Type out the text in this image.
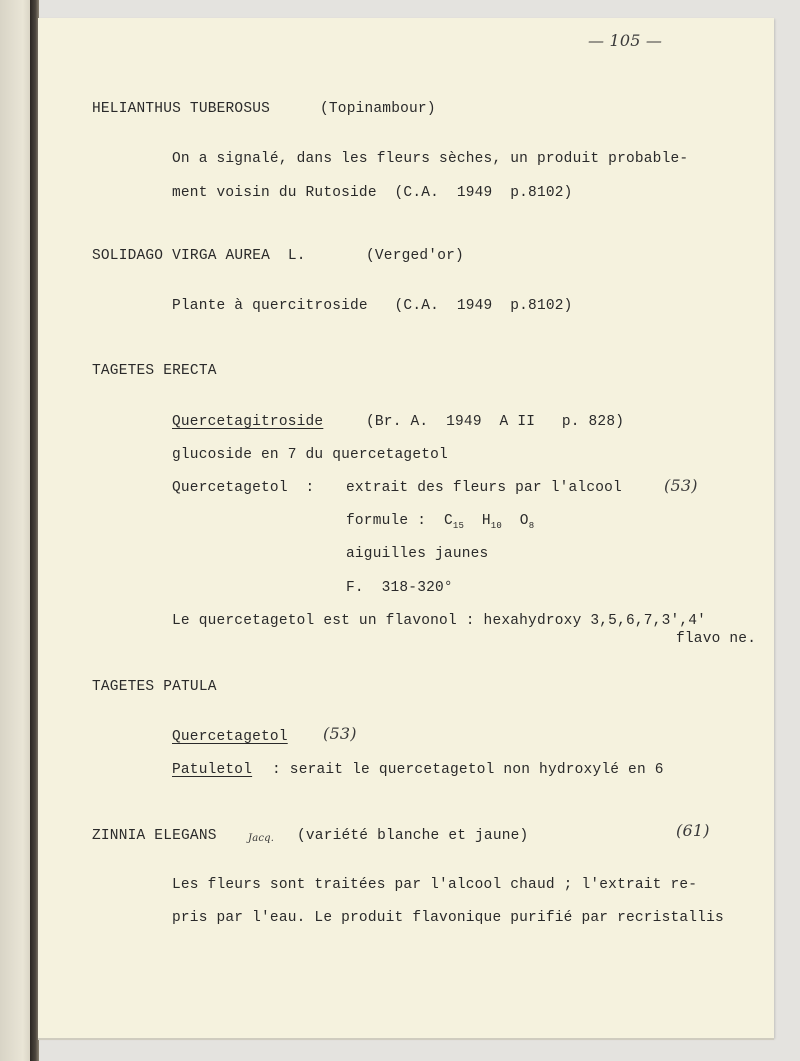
— 105 —
HELIANTHUS TUBEROSUS	(Topinambour)
On a signalé, dans les fleurs sèches, un produit probable-
ment voisin du Rutoside  (C.A.  1949  p.8102)
SOLIDAGO VIRGA AUREA  L.	(Verged'or)
Plante à quercitroside   (C.A.  1949  p.8102)
TAGETES ERECTA
Quercetagitroside	(Br. A.  1949  A II   p. 828)
glucoside en 7 du quercetagetol
Quercetagetol  : extrait des fleurs par l'alcool	(53)
formule : $C_{15}$ $H_{10}$ $O_8$
aiguilles jaunes
F.  318-320°
Le quercetagetol est un flavonol : hexahydroxy 3,5,6,7,3',4'
flavo ne.
TAGETES PATULA
Quercetagetol (53)
Patuletol : serait le quercetagetol non hydroxylé en 6
ZINNIA ELEGANS	Jacq. (variété blanche et jaune)	(61)
Les fleurs sont traitées par l'alcool chaud ; l'extrait re-
pris par l'eau. Le produit flavonique purifié par recristallis
